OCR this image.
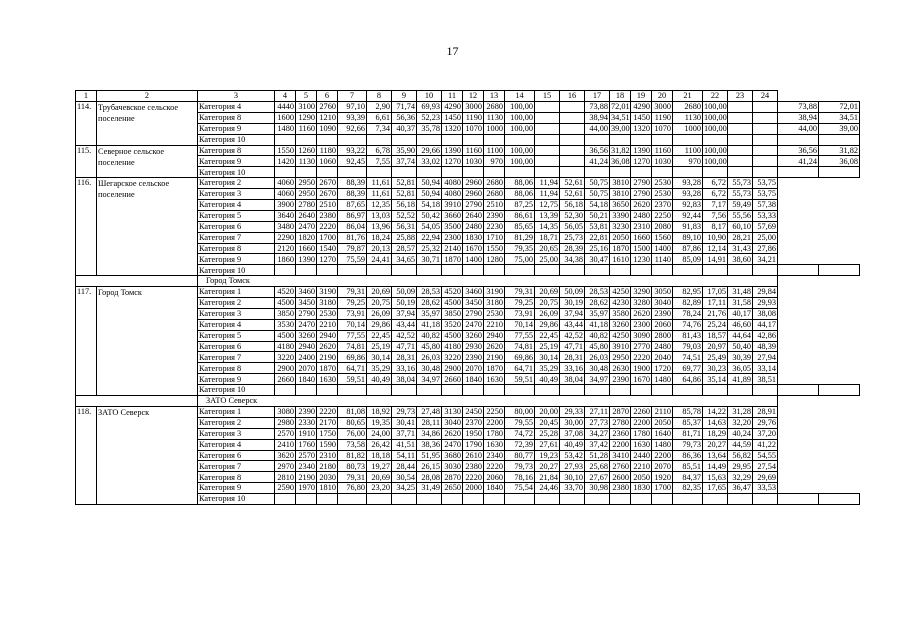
17
1	2	3	4	5	6	7	8	9	10	11	12	13	14	15	16	17	18	19	20	21	22	23	24		
114.	Трубачевское сельское поселение	Категория 4	4440	3100	2760	97,10	2,90	71,74	69,93	4290	3000	2680	100,00			73,88	72,01	4290	3000	2680	100,00			73,88	72,01
		Категория 8	1600	1290	1210	93,39	6,61	56,36	52,23	1450	1190	1130	100,00			38,94	34,51	1450	1190	1130	100,00			38,94	34,51
		Категория 9	1480	1160	1090	92,66	7,34	40,37	35,78	1320	1070	1000	100,00			44,00	39,00	1320	1070	1000	100,00			44,00	39,00
		Категория 10																							
115.	Северное сельское поселение	Категория 8	1550	1260	1180	93,22	6,78	35,90	29,66	1390	1160	1100	100,00			36,56	31,82	1390	1160	1100	100,00			36,56	31,82
		Категория 9	1420	1130	1060	92,45	7,55	37,74	33,02	1270	1030	970	100,00			41,24	36,08	1270	1030	970	100,00			41,24	36,08
		Категория 10																							
116.	Шегарское сельское поселение	Категория 2	4060	2950	2670	88,39	11,61	52,81	50,94	4080	2960	2680	88,06	11,94	52,61	50,75	3810	2790	2530	93,28	6,72	55,73	53,75		
		Категория 3	4060	2950	2670	88,39	11,61	52,81	50,94	4080	2960	2680	88,06	11,94	52,61	50,75	3810	2790	2530	93,28	6,72	55,73	53,75		
		Категория 4	3900	2780	2510	87,65	12,35	56,18	54,18	3910	2790	2510	87,25	12,75	56,18	54,18	3650	2620	2370	92,83	7,17	59,49	57,38		
		Категория 5	3640	2640	2380	86,97	13,03	52,52	50,42	3660	2640	2390	86,61	13,39	52,30	50,21	3390	2480	2250	92,44	7,56	55,56	53,33		
		Категория 6	3480	2470	2220	86,04	13,96	56,31	54,05	3500	2480	2230	85,65	14,35	56,05	53,81	3230	2310	2080	91,83	8,17	60,10	57,69		
		Категория 7	2290	1820	1700	81,76	18,24	25,88	22,94	2300	1830	1710	81,29	18,71	25,73	22,81	2050	1660	1560	89,10	10,90	28,21	25,00		
		Категория 8	2120	1660	1540	79,87	20,13	28,57	25,32	2140	1670	1550	79,35	20,65	28,39	25,16	1870	1500	1400	87,86	12,14	31,43	27,86		
		Категория 9	1860	1390	1270	75,59	24,41	34,65	30,71	1870	1400	1280	75,00	25,00	34,38	30,47	1610	1230	1140	85,09	14,91	38,60	34,21		
		Категория 10																							
		Город Томск																							
117.	Город Томск	Категория 1	4520	3460	3190	79,31	20,69	50,09	28,53	4520	3460	3190	79,31	20,69	50,09	28,53	4250	3290	3050	82,95	17,05	31,48	29,84		
		Категория 2	4500	3450	3180	79,25	20,75	50,19	28,62	4500	3450	3180	79,25	20,75	30,19	28,62	4230	3280	3040	82,89	17,11	31,58	29,93		
		Категория 3	3850	2790	2530	73,91	26,09	37,94	35,97	3850	2790	2530	73,91	26,09	37,94	35,97	3580	2620	2390	78,24	21,76	40,17	38,08		
		Категория 4	3530	2470	2210	70,14	29,86	43,44	41,18	3520	2470	2210	70,14	29,86	43,44	41,18	3260	2300	2060	74,76	25,24	46,60	44,17		
		Категория 5	4500	3260	2940	77,55	22,45	42,52	40,82	4500	3260	2940	77,55	22,45	42,52	40,82	4250	3090	2800	81,43	18,57	44,64	42,86		
		Категория 6	4180	2940	2620	74,81	25,19	47,71	45,80	4180	2930	2620	74,81	25,19	47,71	45,80	3910	2770	2480	79,03	20,97	50,40	48,39		
		Категория 7	3220	2400	2190	69,86	30,14	28,31	26,03	3220	2390	2190	69,86	30,14	28,31	26,03	2950	2220	2040	74,51	25,49	30,39	27,94		
		Категория 8	2900	2070	1870	64,71	35,29	33,16	30,48	2900	2070	1870	64,71	35,29	33,16	30,48	2630	1900	1720	69,77	30,23	36,05	33,14		
		Категория 9	2660	1840	1630	59,51	40,49	38,04	34,97	2660	1840	1630	59,51	40,49	38,04	34,97	2390	1670	1480	64,86	35,14	41,89	38,51		
		Категория 10																							
		ЗАТО Северск																							
118.	ЗАТО Северск	Категория 1	3080	2390	2220	81,08	18,92	29,73	27,48	3130	2450	2250	80,00	20,00	29,33	27,11	2870	2260	2110	85,78	14,22	31,28	28,91		
		Категория 2	2980	2330	2170	80,65	19,35	30,41	28,11	3040	2370	2200	79,55	20,45	30,00	27,73	2780	2200	2050	85,37	14,63	32,20	29,76		
		Категория 3	2570	1910	1750	76,00	24,00	37,71	34,86	2620	1950	1780	74,72	25,28	37,08	34,27	2360	1780	1640	81,71	18,29	40,24	37,20		
		Категория 4	2410	1760	1590	73,58	26,42	41,51	38,36	2470	1790	1630	72,39	27,61	40,49	37,42	2200	1630	1480	79,73	20,27	44,59	41,22		
		Категория 6	3620	2570	2310	81,82	18,18	54,11	51,95	3680	2610	2340	80,77	19,23	53,42	51,28	3410	2440	2200	86,36	13,64	56,82	54,55		
		Категория 7	2970	2340	2180	80,73	19,27	28,44	26,15	3030	2380	2220	79,73	20,27	27,93	25,68	2760	2210	2070	85,51	14,49	29,95	27,54		
		Категория 8	2810	2190	2030	79,31	20,69	30,54	28,08	2870	2220	2060	78,16	21,84	30,10	27,67	2600	2050	1920	84,37	15,63	32,29	29,69		
		Категория 9	2590	1970	1810	76,80	23,20	34,25	31,49	2650	2000	1840	75,54	24,46	33,70	30,98	2380	1830	1700	82,35	17,65	36,47	33,53		
		Категория 10																							
